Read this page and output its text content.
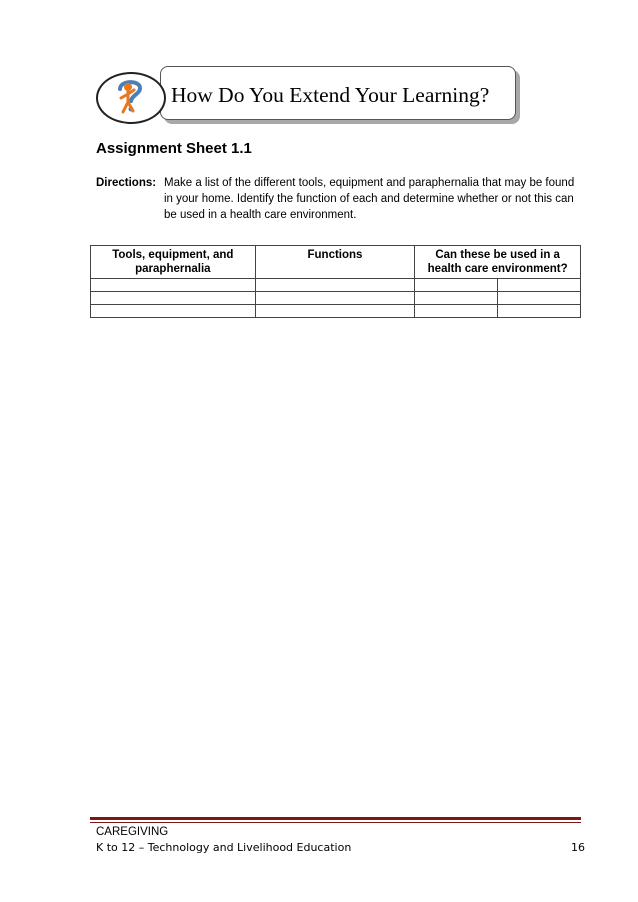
How Do You Extend Your Learning?
Assignment Sheet 1.1
Directions: Make a list of the different tools, equipment and paraphernalia that may be found in your home. Identify the function of each and determine whether or not this can be used in a health care environment.
Tools, equipment, and paraphernalia	Functions	Can these be used in a health care environment?	

CAREGIVING
K to 12 – Technology and Livelihood Education	16
